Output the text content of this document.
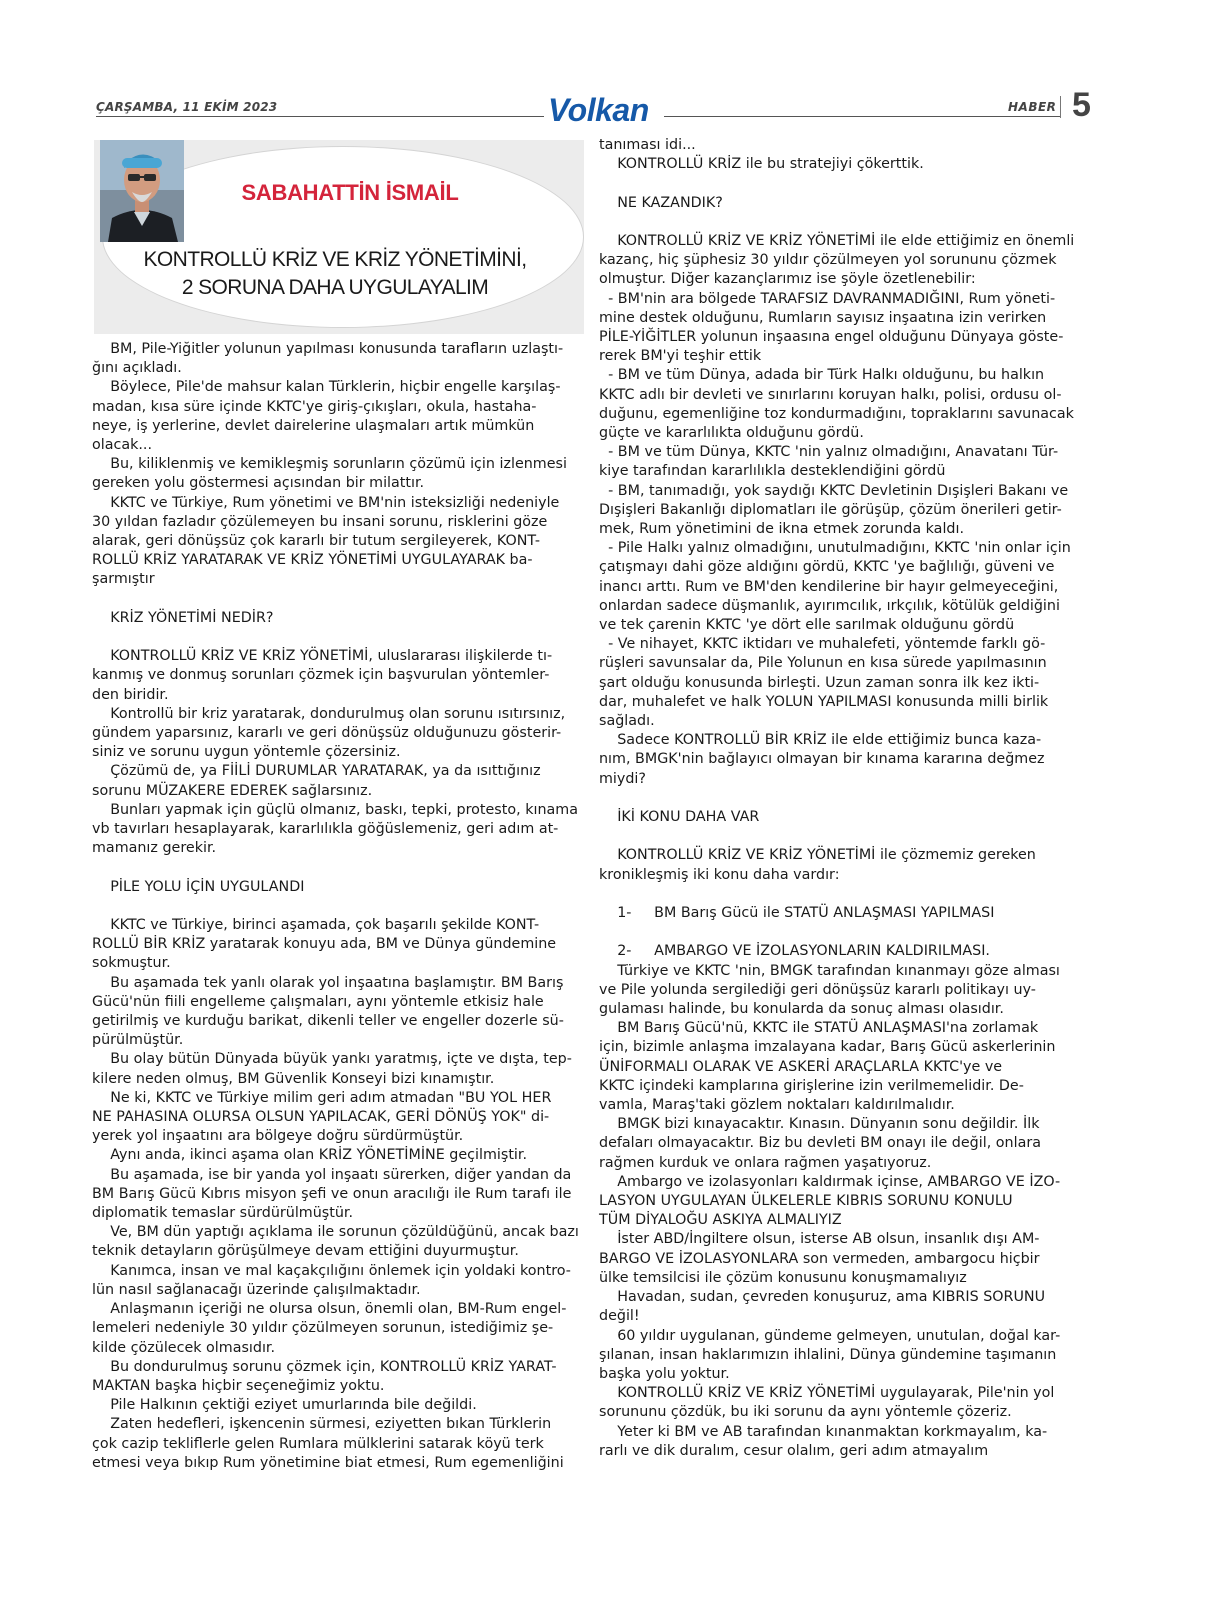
ÇARŞAMBA, 11 EKİM 2023	Volkan	HABER 5
SABAHATTİN İSMAİL
KONTROLLÜ KRİZ VE KRİZ YÖNETİMİNİ,
2 SORUNA DAHA UYGULAYALIM

BM, Pile-Yiğitler yolunun yapılması konusunda tarafların uzlaştı-

ğını açıkladı.

Böylece, Pile'de mahsur kalan Türklerin, hiçbir engelle karşılaş-

madan, kısa süre içinde KKTC'ye giriş-çıkışları, okula, hastaha-

neye, iş yerlerine, devlet dairelerine ulaşmaları artık mümkün

olacak...

Bu, kiliklenmiş ve kemikleşmiş sorunların çözümü için izlenmesi

gereken yolu göstermesi açısından bir milattır.

KKTC ve Türkiye, Rum yönetimi ve BM'nin isteksizliği nedeniyle

30 yıldan fazladır çözülemeyen bu insani sorunu, risklerini göze

alarak, geri dönüşsüz çok kararlı bir tutum sergileyerek, KONT-

ROLLÜ KRİZ YARATARAK VE KRİZ YÖNETİMİ UYGULAYARAK ba-

şarmıştır

KRİZ YÖNETİMİ NEDİR?

KONTROLLÜ KRİZ VE KRİZ YÖNETİMİ, uluslararası ilişkilerde tı-

kanmış ve donmuş sorunları çözmek için başvurulan yöntemler-

den biridir.

Kontrollü bir kriz yaratarak, dondurulmuş olan sorunu ısıtırsınız,

gündem yaparsınız, kararlı ve geri dönüşsüz olduğunuzu gösterir-

siniz ve sorunu uygun yöntemle çözersiniz.

Çözümü de, ya FİİLİ DURUMLAR YARATARAK, ya da ısıttığınız

sorunu MÜZAKERE EDEREK sağlarsınız.

Bunları yapmak için güçlü olmanız, baskı, tepki, protesto, kınama

vb tavırları hesaplayarak, kararlılıkla göğüslemeniz, geri adım at-

mamanız gerekir.

PİLE YOLU İÇİN UYGULANDI

KKTC ve Türkiye, birinci aşamada, çok başarılı şekilde KONT-

ROLLÜ BİR KRİZ yaratarak konuyu ada, BM ve Dünya gündemine

sokmuştur.

Bu aşamada tek yanlı olarak yol inşaatına başlamıştır. BM Barış

Gücü'nün fiili engelleme çalışmaları, aynı yöntemle etkisiz hale

getirilmiş ve kurduğu barikat, dikenli teller ve engeller dozerle sü-

pürülmüştür.

Bu olay bütün Dünyada büyük yankı yaratmış, içte ve dışta, tep-

kilere neden olmuş, BM Güvenlik Konseyi bizi kınamıştır.

Ne ki, KKTC ve Türkiye milim geri adım atmadan "BU YOL HER

NE PAHASINA OLURSA OLSUN YAPILACAK, GERİ DÖNÜŞ YOK" di-

yerek yol inşaatını ara bölgeye doğru sürdürmüştür.

Aynı anda, ikinci aşama olan KRİZ YÖNETİMİNE geçilmiştir.

Bu aşamada, ise bir yanda yol inşaatı sürerken, diğer yandan da

BM Barış Gücü Kıbrıs misyon şefi ve onun aracılığı ile Rum tarafı ile

diplomatik temaslar sürdürülmüştür.

Ve, BM dün yaptığı açıklama ile sorunun çözüldüğünü, ancak bazı

teknik detayların görüşülmeye devam ettiğini duyurmuştur.

Kanımca, insan ve mal kaçakçılığını önlemek için yoldaki kontro-

lün nasıl sağlanacağı üzerinde çalışılmaktadır.

Anlaşmanın içeriği ne olursa olsun, önemli olan, BM-Rum engel-

lemeleri nedeniyle 30 yıldır çözülmeyen sorunun, istediğimiz şe-

kilde çözülecek olmasıdır.

Bu dondurulmuş sorunu çözmek için, KONTROLLÜ KRİZ YARAT-

MAKTAN başka hiçbir seçeneğimiz yoktu.

Pile Halkının çektiği eziyet umurlarında bile değildi.

Zaten hedefleri, işkencenin sürmesi, eziyetten bıkan Türklerin

çok cazip tekliflerle gelen Rumlara mülklerini satarak köyü terk

etmesi veya bıkıp Rum yönetimine biat etmesi, Rum egemenliğini

tanıması idi...

KONTROLLÜ KRİZ ile bu stratejiyi çökerttik.

NE KAZANDIK?

KONTROLLÜ KRİZ VE KRİZ YÖNETİMİ ile elde ettiğimiz en önemli

kazanç, hiç şüphesiz 30 yıldır çözülmeyen yol sorununu çözmek

olmuştur. Diğer kazançlarımız ise şöyle özetlenebilir:

- BM'nin ara bölgede TARAFSIZ DAVRANMADIĞINI, Rum yöneti-

mine destek olduğunu, Rumların sayısız inşaatına izin verirken

PİLE-YİĞİTLER yolunun inşaasına engel olduğunu Dünyaya göste-

rerek BM'yi teşhir ettik

- BM ve tüm Dünya, adada bir Türk Halkı olduğunu, bu halkın

KKTC adlı bir devleti ve sınırlarını koruyan halkı, polisi, ordusu ol-

duğunu, egemenliğine toz kondurmadığını, topraklarını savunacak

güçte ve kararlılıkta olduğunu gördü.

- BM ve tüm Dünya, KKTC 'nin yalnız olmadığını, Anavatanı Tür-

kiye tarafından kararlılıkla desteklendiğini gördü

- BM, tanımadığı, yok saydığı KKTC Devletinin Dışişleri Bakanı ve

Dışişleri Bakanlığı diplomatları ile görüşüp, çözüm önerileri getir-

mek, Rum yönetimini de ikna etmek zorunda kaldı.

- Pile Halkı yalnız olmadığını, unutulmadığını, KKTC 'nin onlar için

çatışmayı dahi göze aldığını gördü, KKTC 'ye bağlılığı, güveni ve

inancı arttı. Rum ve BM'den kendilerine bir hayır gelmeyeceğini,

onlardan sadece düşmanlık, ayırımcılık, ırkçılık, kötülük geldiğini

ve tek çarenin KKTC 'ye dört elle sarılmak olduğunu gördü

- Ve nihayet, KKTC iktidarı ve muhalefeti, yöntemde farklı gö-

rüşleri savunsalar da, Pile Yolunun en kısa sürede yapılmasının

şart olduğu konusunda birleşti. Uzun zaman sonra ilk kez ikti-

dar, muhalefet ve halk YOLUN YAPILMASI konusunda milli birlik

sağladı.

Sadece KONTROLLÜ BİR KRİZ ile elde ettiğimiz bunca kaza-

nım, BMGK'nin bağlayıcı olmayan bir kınama kararına değmez

miydi?

İKİ KONU DAHA VAR

KONTROLLÜ KRİZ VE KRİZ YÖNETİMİ ile çözmemiz gereken

kronikleşmiş iki konu daha vardır:

1-     BM Barış Gücü ile STATÜ ANLAŞMASI YAPILMASI

2-     AMBARGO VE İZOLASYONLARIN KALDIRILMASI.

Türkiye ve KKTC 'nin, BMGK tarafından kınanmayı göze alması

ve Pile yolunda sergilediği geri dönüşsüz kararlı politikayı uy-

gulaması halinde, bu konularda da sonuç alması olasıdır.

BM Barış Gücü'nü, KKTC ile STATÜ ANLAŞMASI'na zorlamak

için, bizimle anlaşma imzalayana kadar, Barış Gücü askerlerinin

ÜNİFORMALI OLARAK VE ASKERİ ARAÇLARLA KKTC'ye ve

KKTC içindeki kamplarına girişlerine izin verilmemelidir. De-

vamla, Maraş'taki gözlem noktaları kaldırılmalıdır.

BMGK bizi kınayacaktır. Kınasın. Dünyanın sonu değildir. İlk

defaları olmayacaktır. Biz bu devleti BM onayı ile değil, onlara

rağmen kurduk ve onlara rağmen yaşatıyoruz.

Ambargo ve izolasyonları kaldırmak içinse, AMBARGO VE İZO-

LASYON UYGULAYAN ÜLKELERLE KIBRIS SORUNU KONULU

TÜM DİYALOĞU ASKIYA ALMALIYIZ

İster ABD/İngiltere olsun, isterse AB olsun, insanlık dışı AM-

BARGO VE İZOLASYONLARA son vermeden, ambargocu hiçbir

ülke temsilcisi ile çözüm konusunu konuşmamalıyız

Havadan, sudan, çevreden konuşuruz, ama KIBRIS SORUNU

değil!

60 yıldır uygulanan, gündeme gelmeyen, unutulan, doğal kar-

şılanan, insan haklarımızın ihlalini, Dünya gündemine taşımanın

başka yolu yoktur.

KONTROLLÜ KRİZ VE KRİZ YÖNETİMİ uygulayarak, Pile'nin yol

sorununu çözdük, bu iki sorunu da aynı yöntemle çözeriz.

Yeter ki BM ve AB tarafından kınanmaktan korkmayalım, ka-

rarlı ve dik duralım, cesur olalım, geri adım atmayalım
